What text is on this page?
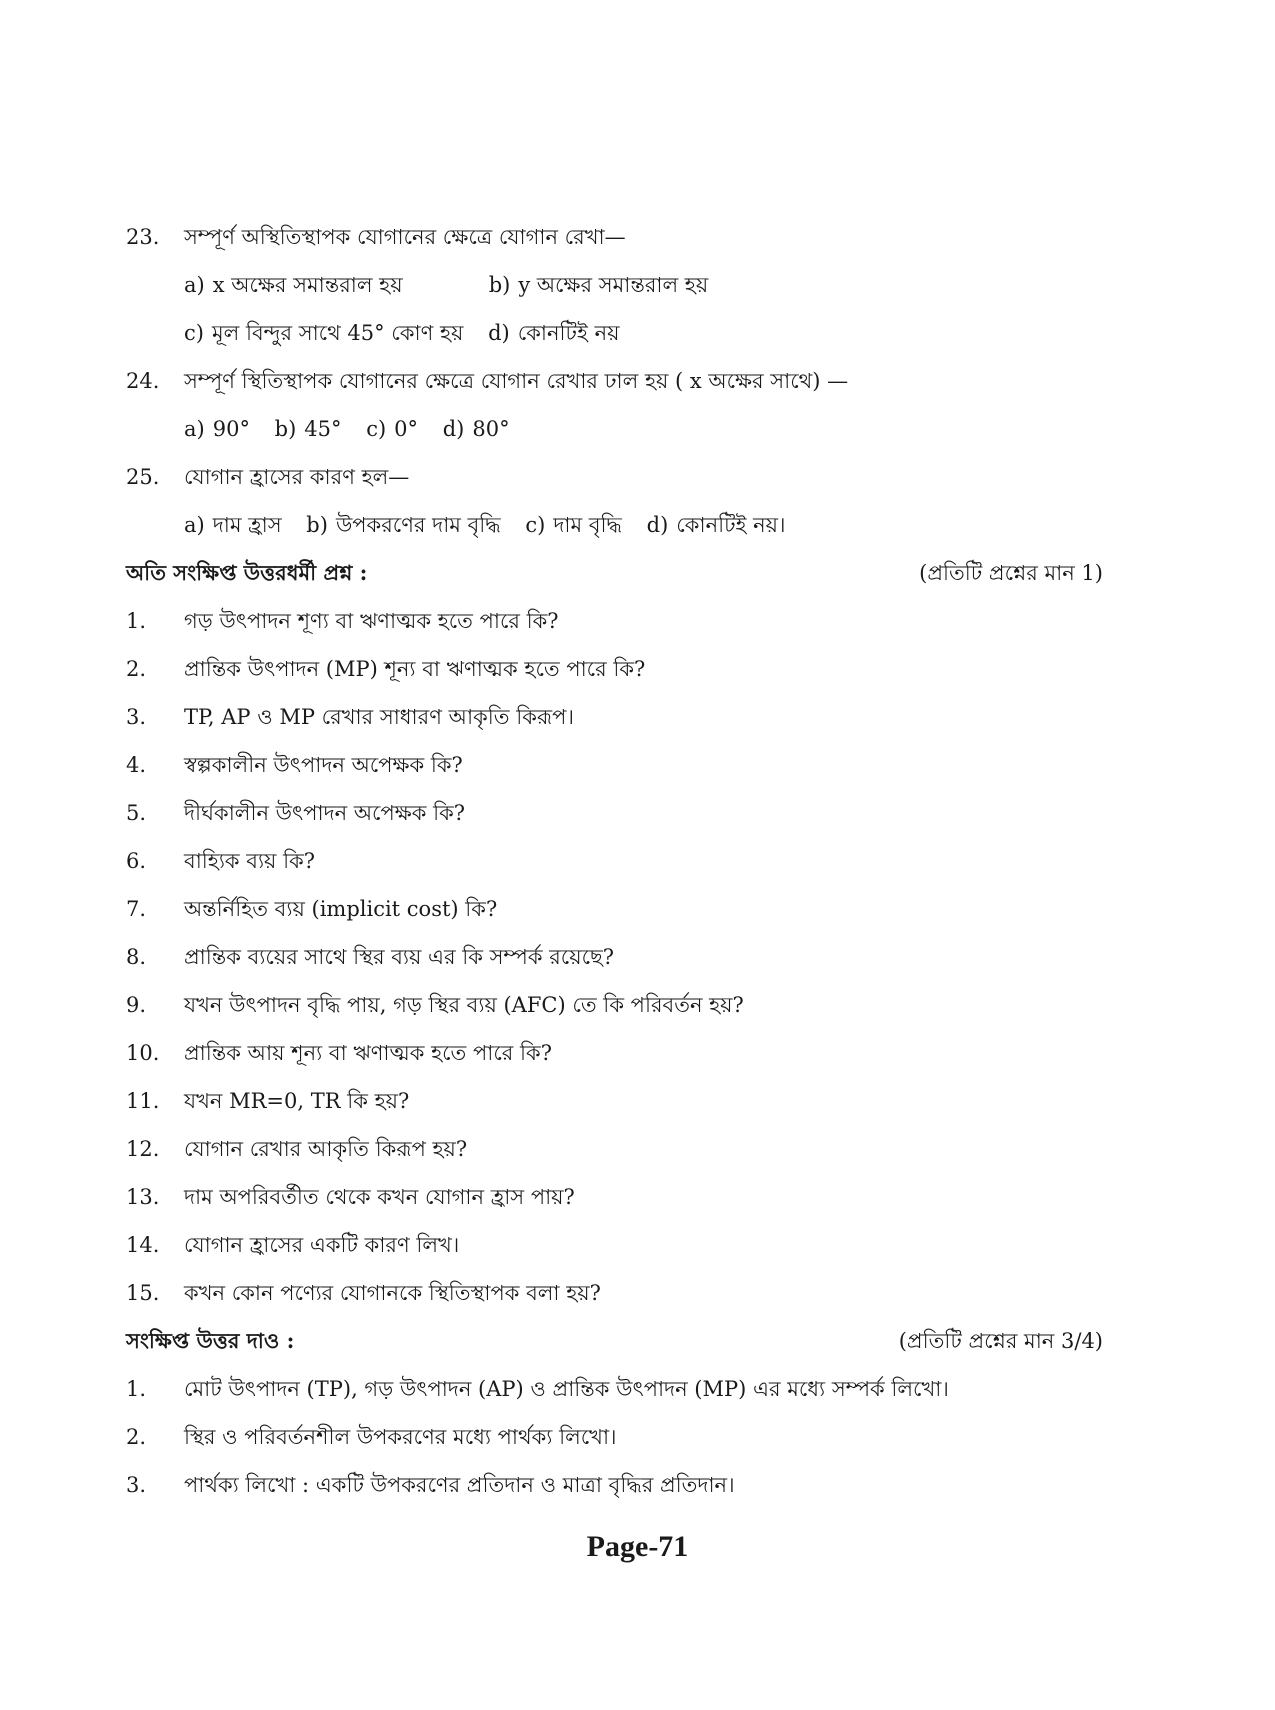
23. সম্পূর্ণ অস্থিতিস্থাপক যোগানের ক্ষেত্রে যোগান রেখা—
a) x অক্ষের সমান্তরাল হয়	b) y অক্ষের সমান্তরাল হয়
c) মূল বিন্দুর সাথে 45° কোণ হয় d) কোনটিই নয়
24. সম্পূর্ণ স্থিতিস্থাপক যোগানের ক্ষেত্রে যোগান রেখার ঢাল হয় ( x অক্ষের সাথে) —
a) 90° b) 45° c) 0° d) 80°
25. যোগান হ্রাসের কারণ হল—
a) দাম হ্রাস b) উপকরণের দাম বৃদ্ধি c) দাম বৃদ্ধি d) কোনটিই নয়।
অতি সংক্ষিপ্ত উত্তরধর্মী প্রশ্ন :	(প্রতিটি প্রশ্নের মান 1)
1. গড় উৎপাদন শূণ্য বা ঋণাত্মক হতে পারে কি?
2. প্রান্তিক উৎপাদন (MP) শূন্য বা ঋণাত্মক হতে পারে কি?
3. TP, AP ও MP রেখার সাধারণ আকৃতি কিরূপ।
4. স্বল্পকালীন উৎপাদন অপেক্ষক কি?
5. দীর্ঘকালীন উৎপাদন অপেক্ষক কি?
6. বাহ্যিক ব্যয় কি?
7. অন্তর্নিহিত ব্যয় (implicit cost) কি?
8. প্রান্তিক ব্যয়ের সাথে স্থির ব্যয় এর কি সম্পর্ক রয়েছে?
9. যখন উৎপাদন বৃদ্ধি পায়, গড় স্থির ব্যয় (AFC) তে কি পরিবর্তন হয়?
10. প্রান্তিক আয় শূন্য বা ঋণাত্মক হতে পারে কি?
11. যখন MR=0, TR কি হয়?
12. যোগান রেখার আকৃতি কিরূপ হয়?
13. দাম অপরিবর্তীত থেকে কখন যোগান হ্রাস পায়?
14. যোগান হ্রাসের একটি কারণ লিখ।
15. কখন কোন পণ্যের যোগানকে স্থিতিস্থাপক বলা হয়?
সংক্ষিপ্ত উত্তর দাও :	(প্রতিটি প্রশ্নের মান 3/4)
1. মোট উৎপাদন (TP), গড় উৎপাদন (AP) ও প্রান্তিক উৎপাদন (MP) এর মধ্যে সম্পর্ক লিখো।
2. স্থির ও পরিবর্তনশীল উপকরণের মধ্যে পার্থক্য লিখো।
3. পার্থক্য লিখো : একটি উপকরণের প্রতিদান ও মাত্রা বৃদ্ধির প্রতিদান।
Page-71
